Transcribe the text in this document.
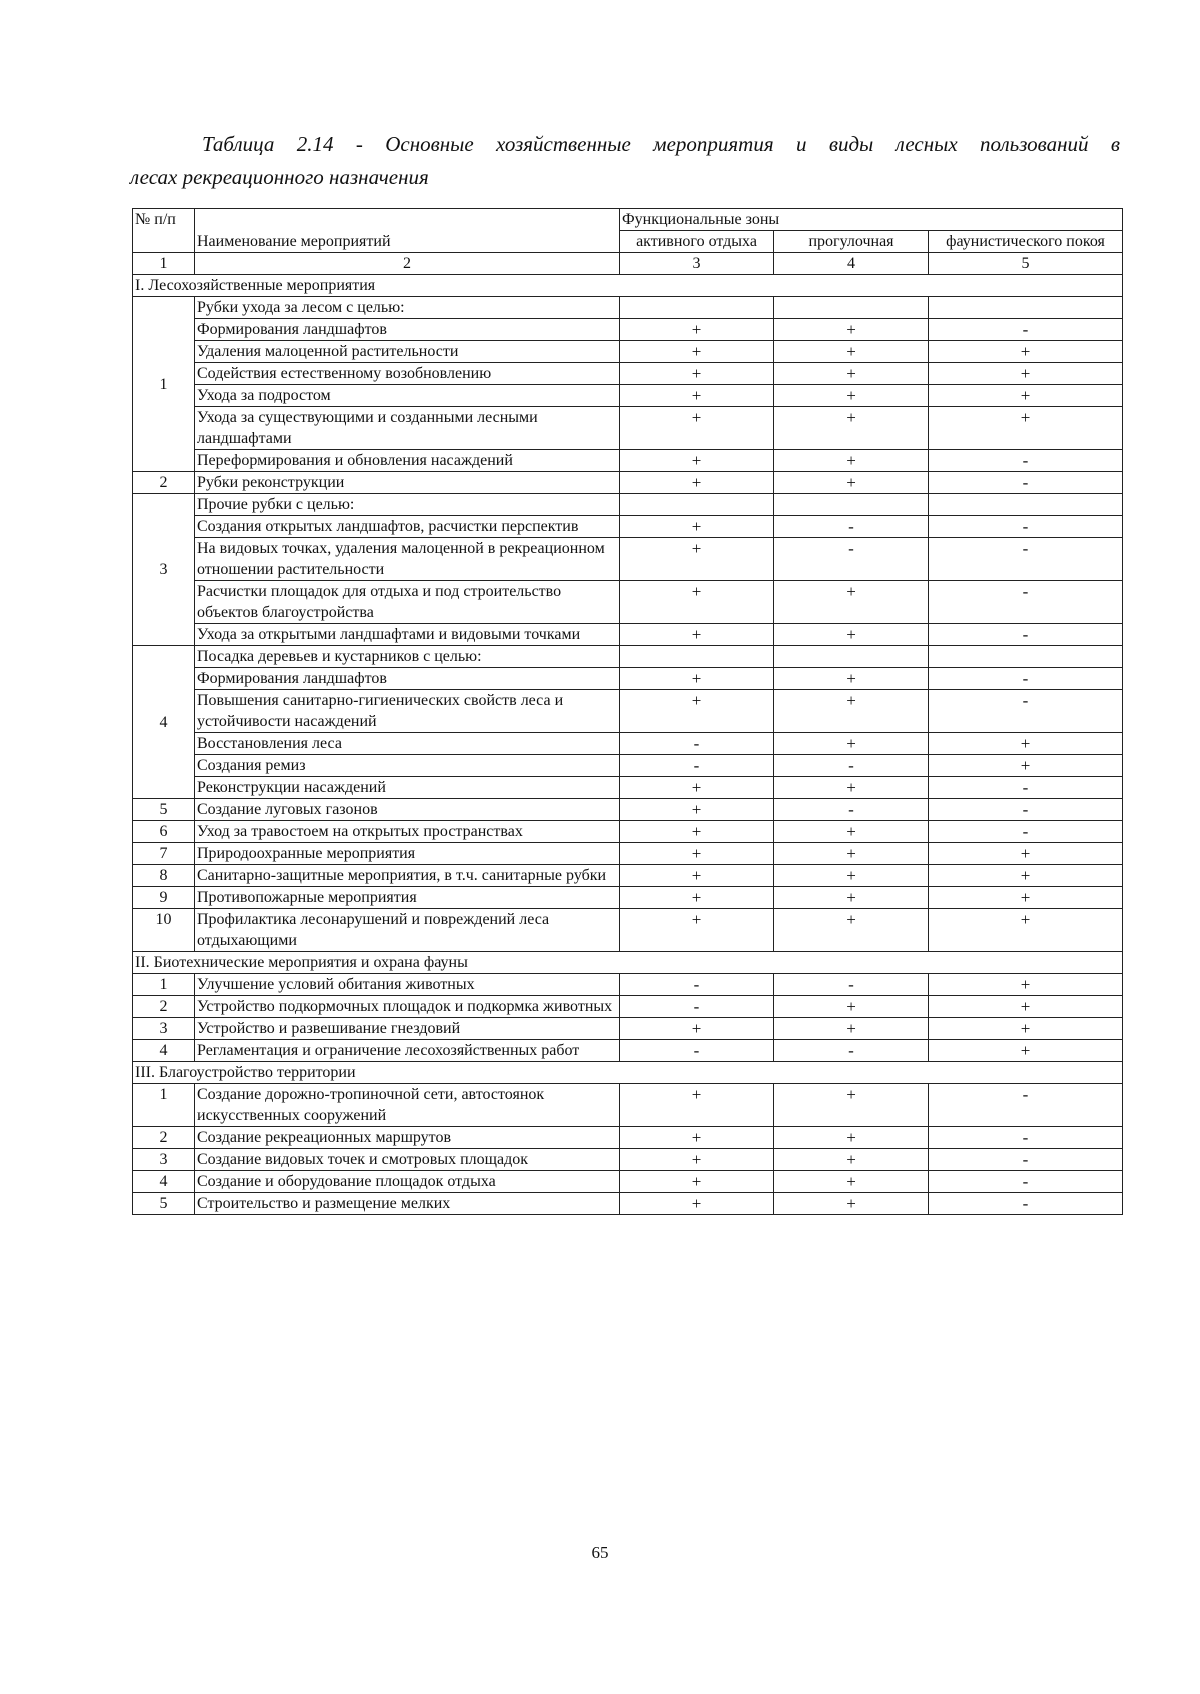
Таблица 2.14 - Основные хозяйственные мероприятия и виды лесных пользований в
лесах рекреационного назначения
№ п/п		Функциональные зоны		
	Наименование мероприятий	активного отдыха	прогулочная	фаунистического покоя
1	2	3	4	5
I. Лесохозяйственные мероприятия				
1	Рубки ухода за лесом с целью:			
	Формирования ландшафтов	+	+	-
	Удаления малоценной растительности	+	+	+
	Содействия естественному возобновлению	+	+	+
	Ухода за подростом	+	+	+
	Ухода за существующими и созданными лесными ландшафтами	+	+	+
	Переформирования и обновления насаждений	+	+	-
2	Рубки реконструкции	+	+	-
3	Прочие рубки с целью:			
	Создания открытых ландшафтов, расчистки перспектив	+	-	-
	На видовых точках, удаления малоценной в рекреационном отношении растительности	+	-	-
	Расчистки площадок для отдыха и под строительство объектов благоустройства	+	+	-
	Ухода за открытыми ландшафтами и видовыми точками	+	+	-
4	Посадка деревьев и кустарников с целью:			
	Формирования ландшафтов	+	+	-
	Повышения санитарно-гигиенических свойств леса и устойчивости насаждений	+	+	-
	Восстановления леса	-	+	+
	Создания ремиз	-	-	+
	Реконструкции насаждений	+	+	-
5	Создание луговых газонов	+	-	-
6	Уход за травостоем на открытых пространствах	+	+	-
7	Природоохранные мероприятия	+	+	+
8	Санитарно-защитные мероприятия, в т.ч. санитарные рубки	+	+	+
9	Противопожарные мероприятия	+	+	+
10	Профилактика лесонарушений и повреждений леса отдыхающими	+	+	+
II. Биотехнические мероприятия и охрана фауны				
1	Улучшение условий обитания животных	-	-	+
2	Устройство подкормочных площадок и подкормка животных	-	+	+
3	Устройство и развешивание гнездовий	+	+	+
4	Регламентация и ограничение лесохозяйственных работ	-	-	+
III. Благоустройство территории				
1	Создание дорожно-тропиночной сети, автостоянок искусственных сооружений	+	+	-
2	Создание рекреационных маршрутов	+	+	-
3	Создание видовых точек и смотровых площадок	+	+	-
4	Создание и оборудование площадок отдыха	+	+	-
5	Строительство и размещение мелких	+	+	-
65
